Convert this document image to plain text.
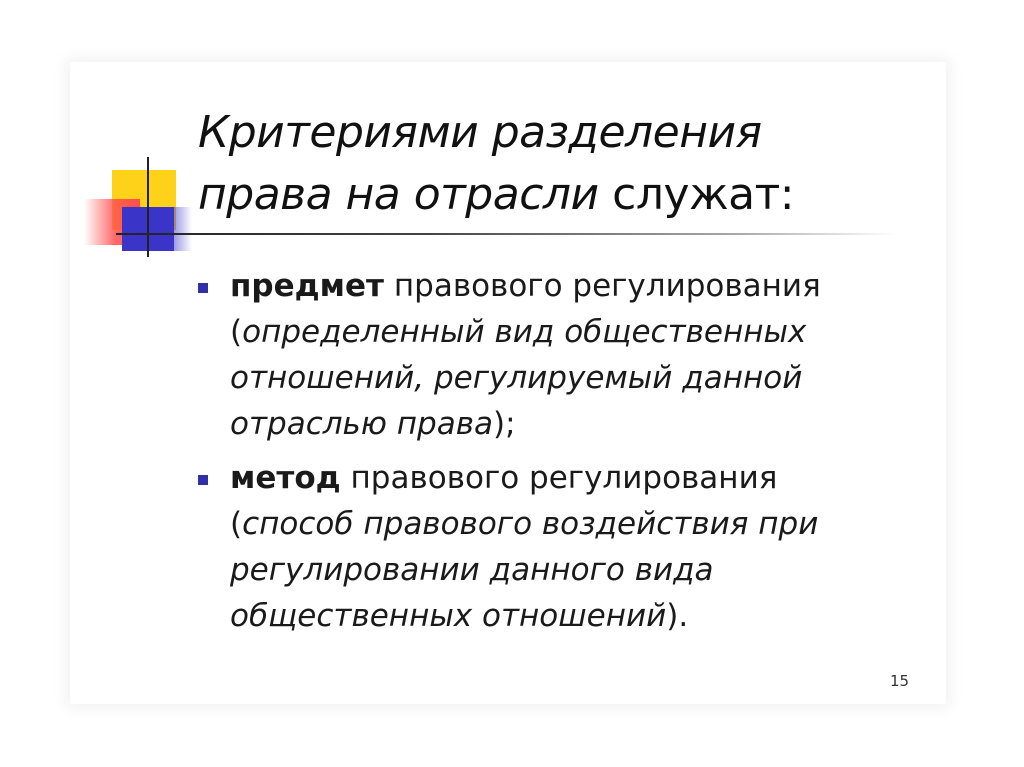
Критериями разделения права на отрасли служат:
предмет правового регулирования (определенный вид общественных отношений, регулируемый данной отраслью права);
метод правового регулирования (способ правового воздействия при регулировании данного вида общественных отношений).
15
